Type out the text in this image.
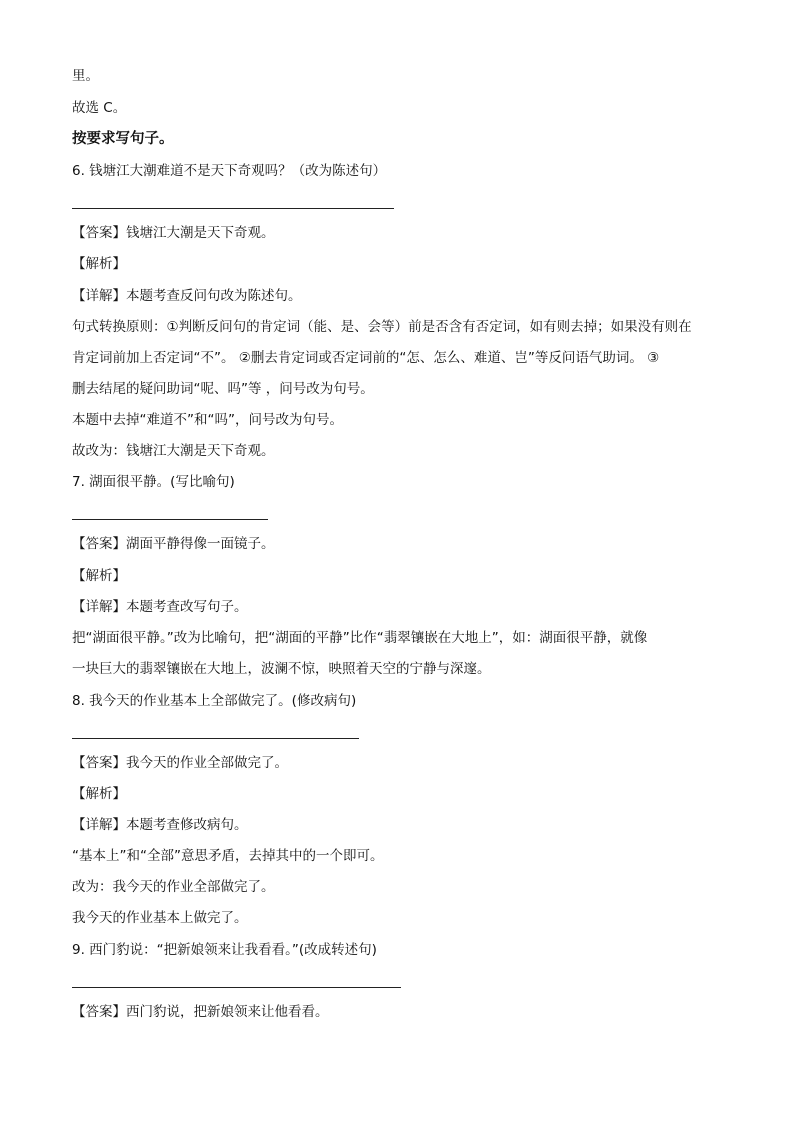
里。
故选 C。
按要求写句子。
6. 钱塘江大潮难道不是天下奇观吗？（改为陈述句）
【答案】钱塘江大潮是天下奇观。
【解析】
【详解】本题考查反问句改为陈述句。
句式转换原则：①判断反问句的肯定词（能、是、会等）前是否含有否定词，如有则去掉；如果没有则在
肯定词前加上否定词“不”。 ②删去肯定词或否定词前的“怎、怎么、难道、岂”等反问语气助词。 ③
删去结尾的疑问助词“呢、吗”等 ，问号改为句号。
本题中去掉“难道不”和“吗”，问号改为句号。
故改为：钱塘江大潮是天下奇观。
7. 湖面很平静。(写比喻句)
【答案】湖面平静得像一面镜子。
【解析】
【详解】本题考查改写句子。
把“湖面很平静。”改为比喻句，把“湖面的平静”比作“翡翠镶嵌在大地上”，如：湖面很平静，就像
一块巨大的翡翠镶嵌在大地上，波澜不惊，映照着天空的宁静与深邃。
8. 我今天的作业基本上全部做完了。(修改病句)
【答案】我今天的作业全部做完了。
【解析】
【详解】本题考查修改病句。
“基本上”和“全部”意思矛盾，去掉其中的一个即可。
改为：我今天的作业全部做完了。
我今天的作业基本上做完了。
9. 西门豹说：“把新娘领来让我看看。”(改成转述句)
【答案】西门豹说，把新娘领来让他看看。
